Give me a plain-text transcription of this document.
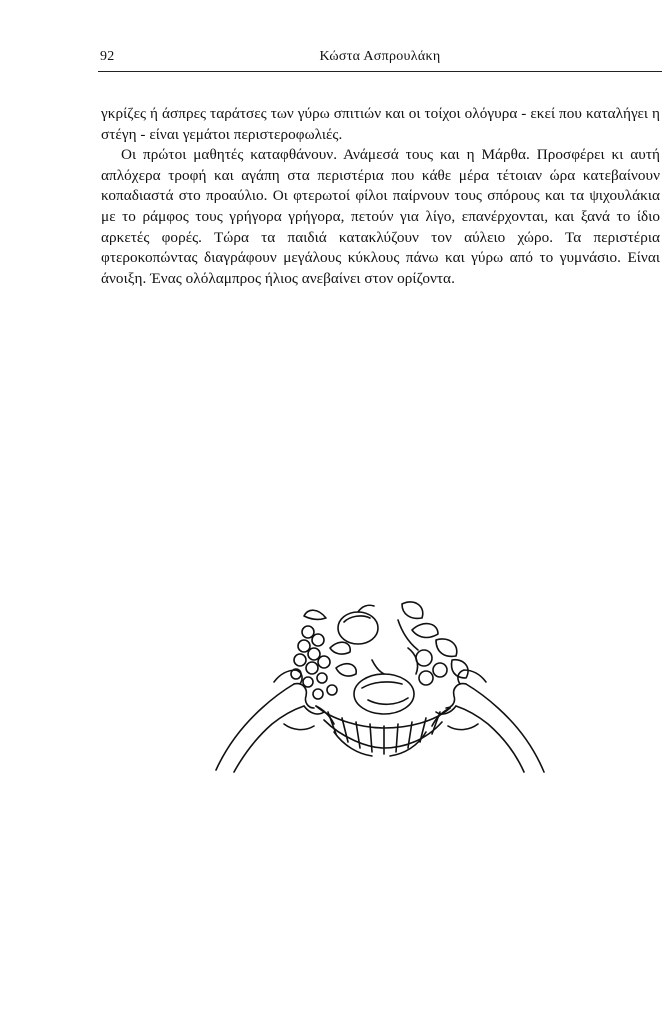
92	Κώστα Ασπρουλάκη

γκρίζες ή άσπρες ταράτσες των γύρω σπιτιών και οι τοίχοι ολόγυρα - εκεί που καταλήγει η στέγη - είναι γεμάτοι περιστεροφωλιές.

Οι πρώτοι μαθητές καταφθάνουν. Ανάμεσά τους και η Μάρθα. Προσφέρει κι αυτή απλόχερα τροφή και αγάπη στα περιστέρια που κάθε μέρα τέτοιαν ώρα κατεβαίνουν κοπαδιαστά στο προαύλιο. Οι φτερωτοί φίλοι παίρνουν τους σπόρους και τα ψιχουλάκια με το ράμφος τους γρήγορα γρήγορα, πετούν για λίγο, επανέρχονται, και ξανά το ίδιο αρκετές φορές. Τώρα τα παιδιά κατακλύζουν τον αύλειο χώρο. Τα περιστέρια φτεροκοπώντας διαγράφουν μεγάλους κύκλους πάνω και γύρω από το γυμνάσιο. Είναι άνοιξη. Ένας ολόλαμπρος ήλιος ανεβαίνει στον ορίζοντα.
